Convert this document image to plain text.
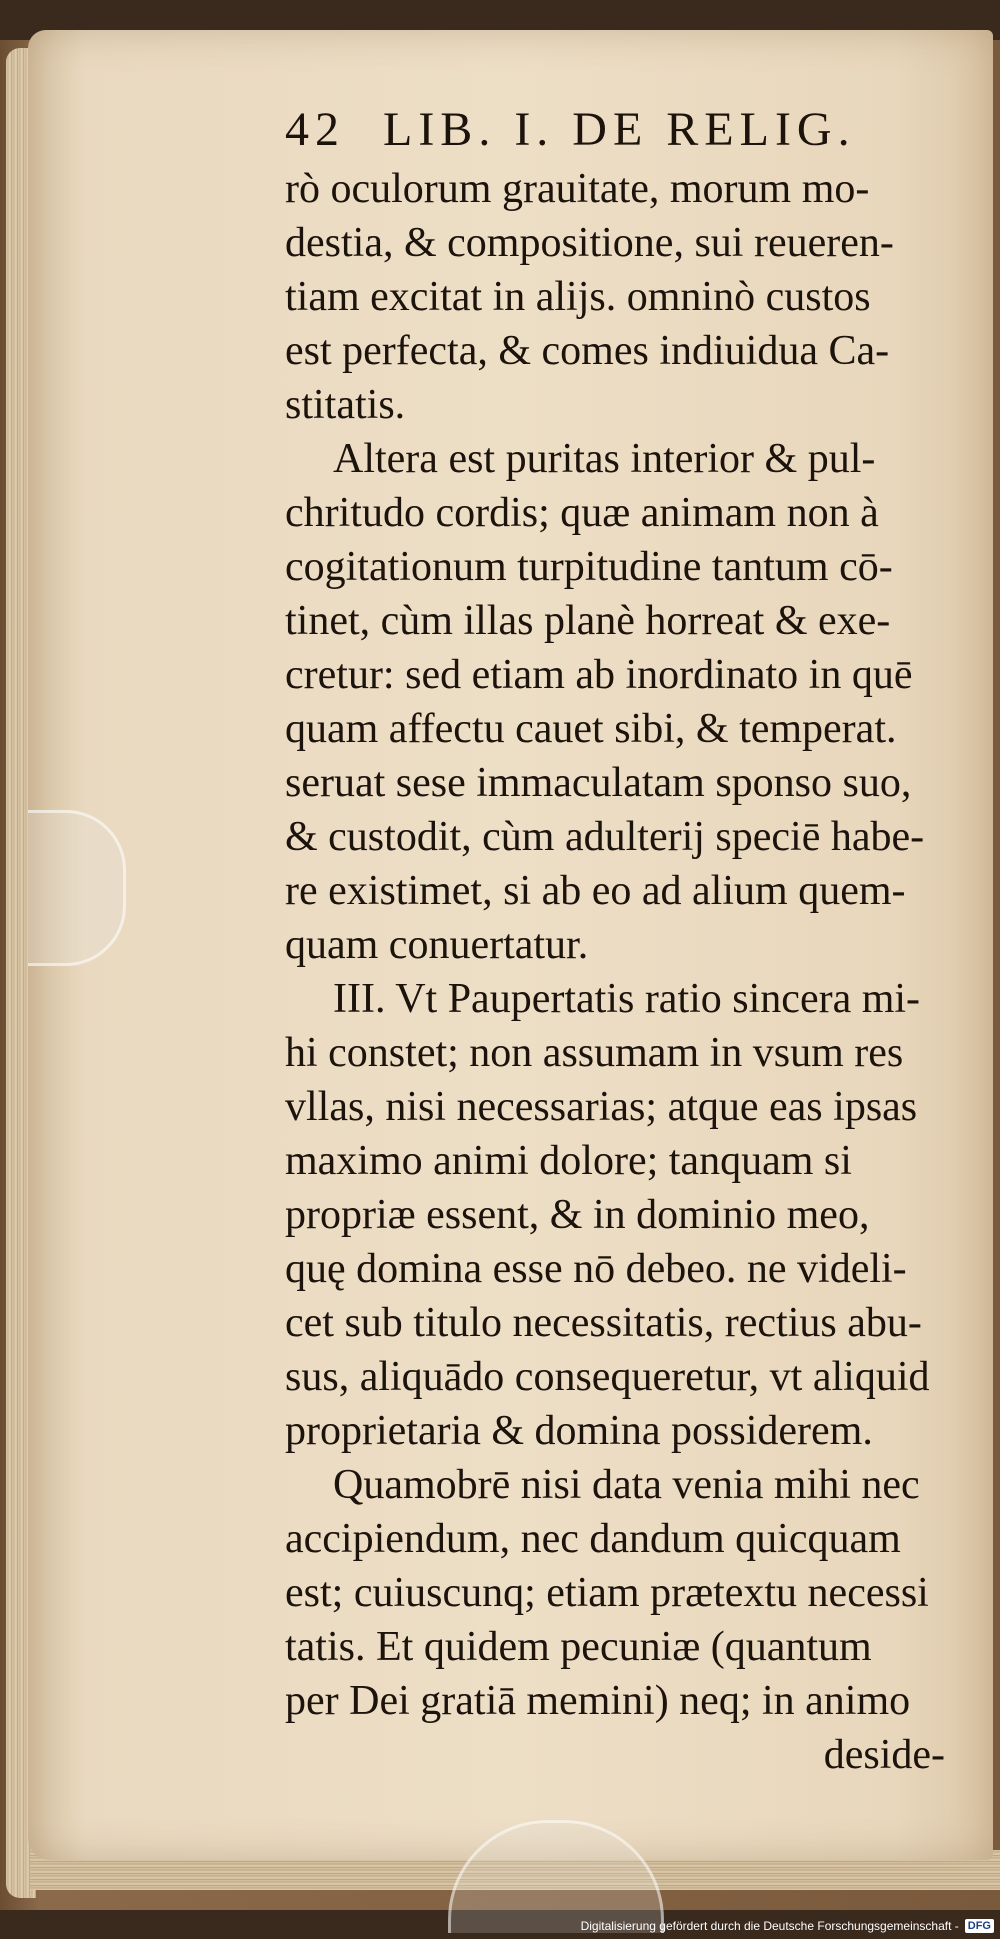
42 LIB. I. DE RELIG.
rò oculorum grauitate, morum mo-
destia, & compositione, sui reueren-
tiam excitat in alijs. omninò custos
est perfecta, & comes indiuidua Ca-
stitatis.
Altera est puritas interior & pul-
chritudo cordis; quæ animam non à
cogitationum turpitudine tantum cō-
tinet, cùm illas planè horreat & exe-
cretur: sed etiam ab inordinato in quē
quam affectu cauet sibi, & temperat.
seruat sese immaculatam sponso suo,
& custodit, cùm adulterij speciē habe-
re existimet, si ab eo ad alium quem-
quam conuertatur.
III. Vt Paupertatis ratio sincera mi-
hi constet; non assumam in vsum res
vllas, nisi necessarias; atque eas ipsas
maximo animi dolore; tanquam si
propriæ essent, & in dominio meo,
quę domina esse nō debeo. ne videli-
cet sub titulo necessitatis, rectius abu-
sus, aliquādo consequeretur, vt aliquid
proprietaria & domina possiderem.
Quamobrē nisi data venia mihi nec
accipiendum, nec dandum quicquam
est; cuiuscunq; etiam prætextu necessi
tatis. Et quidem pecuniæ (quantum
per Dei gratiā memini) neq; in animo
deside-
Digitalisierung gefördert durch die Deutsche Forschungsgemeinschaft - DFG
